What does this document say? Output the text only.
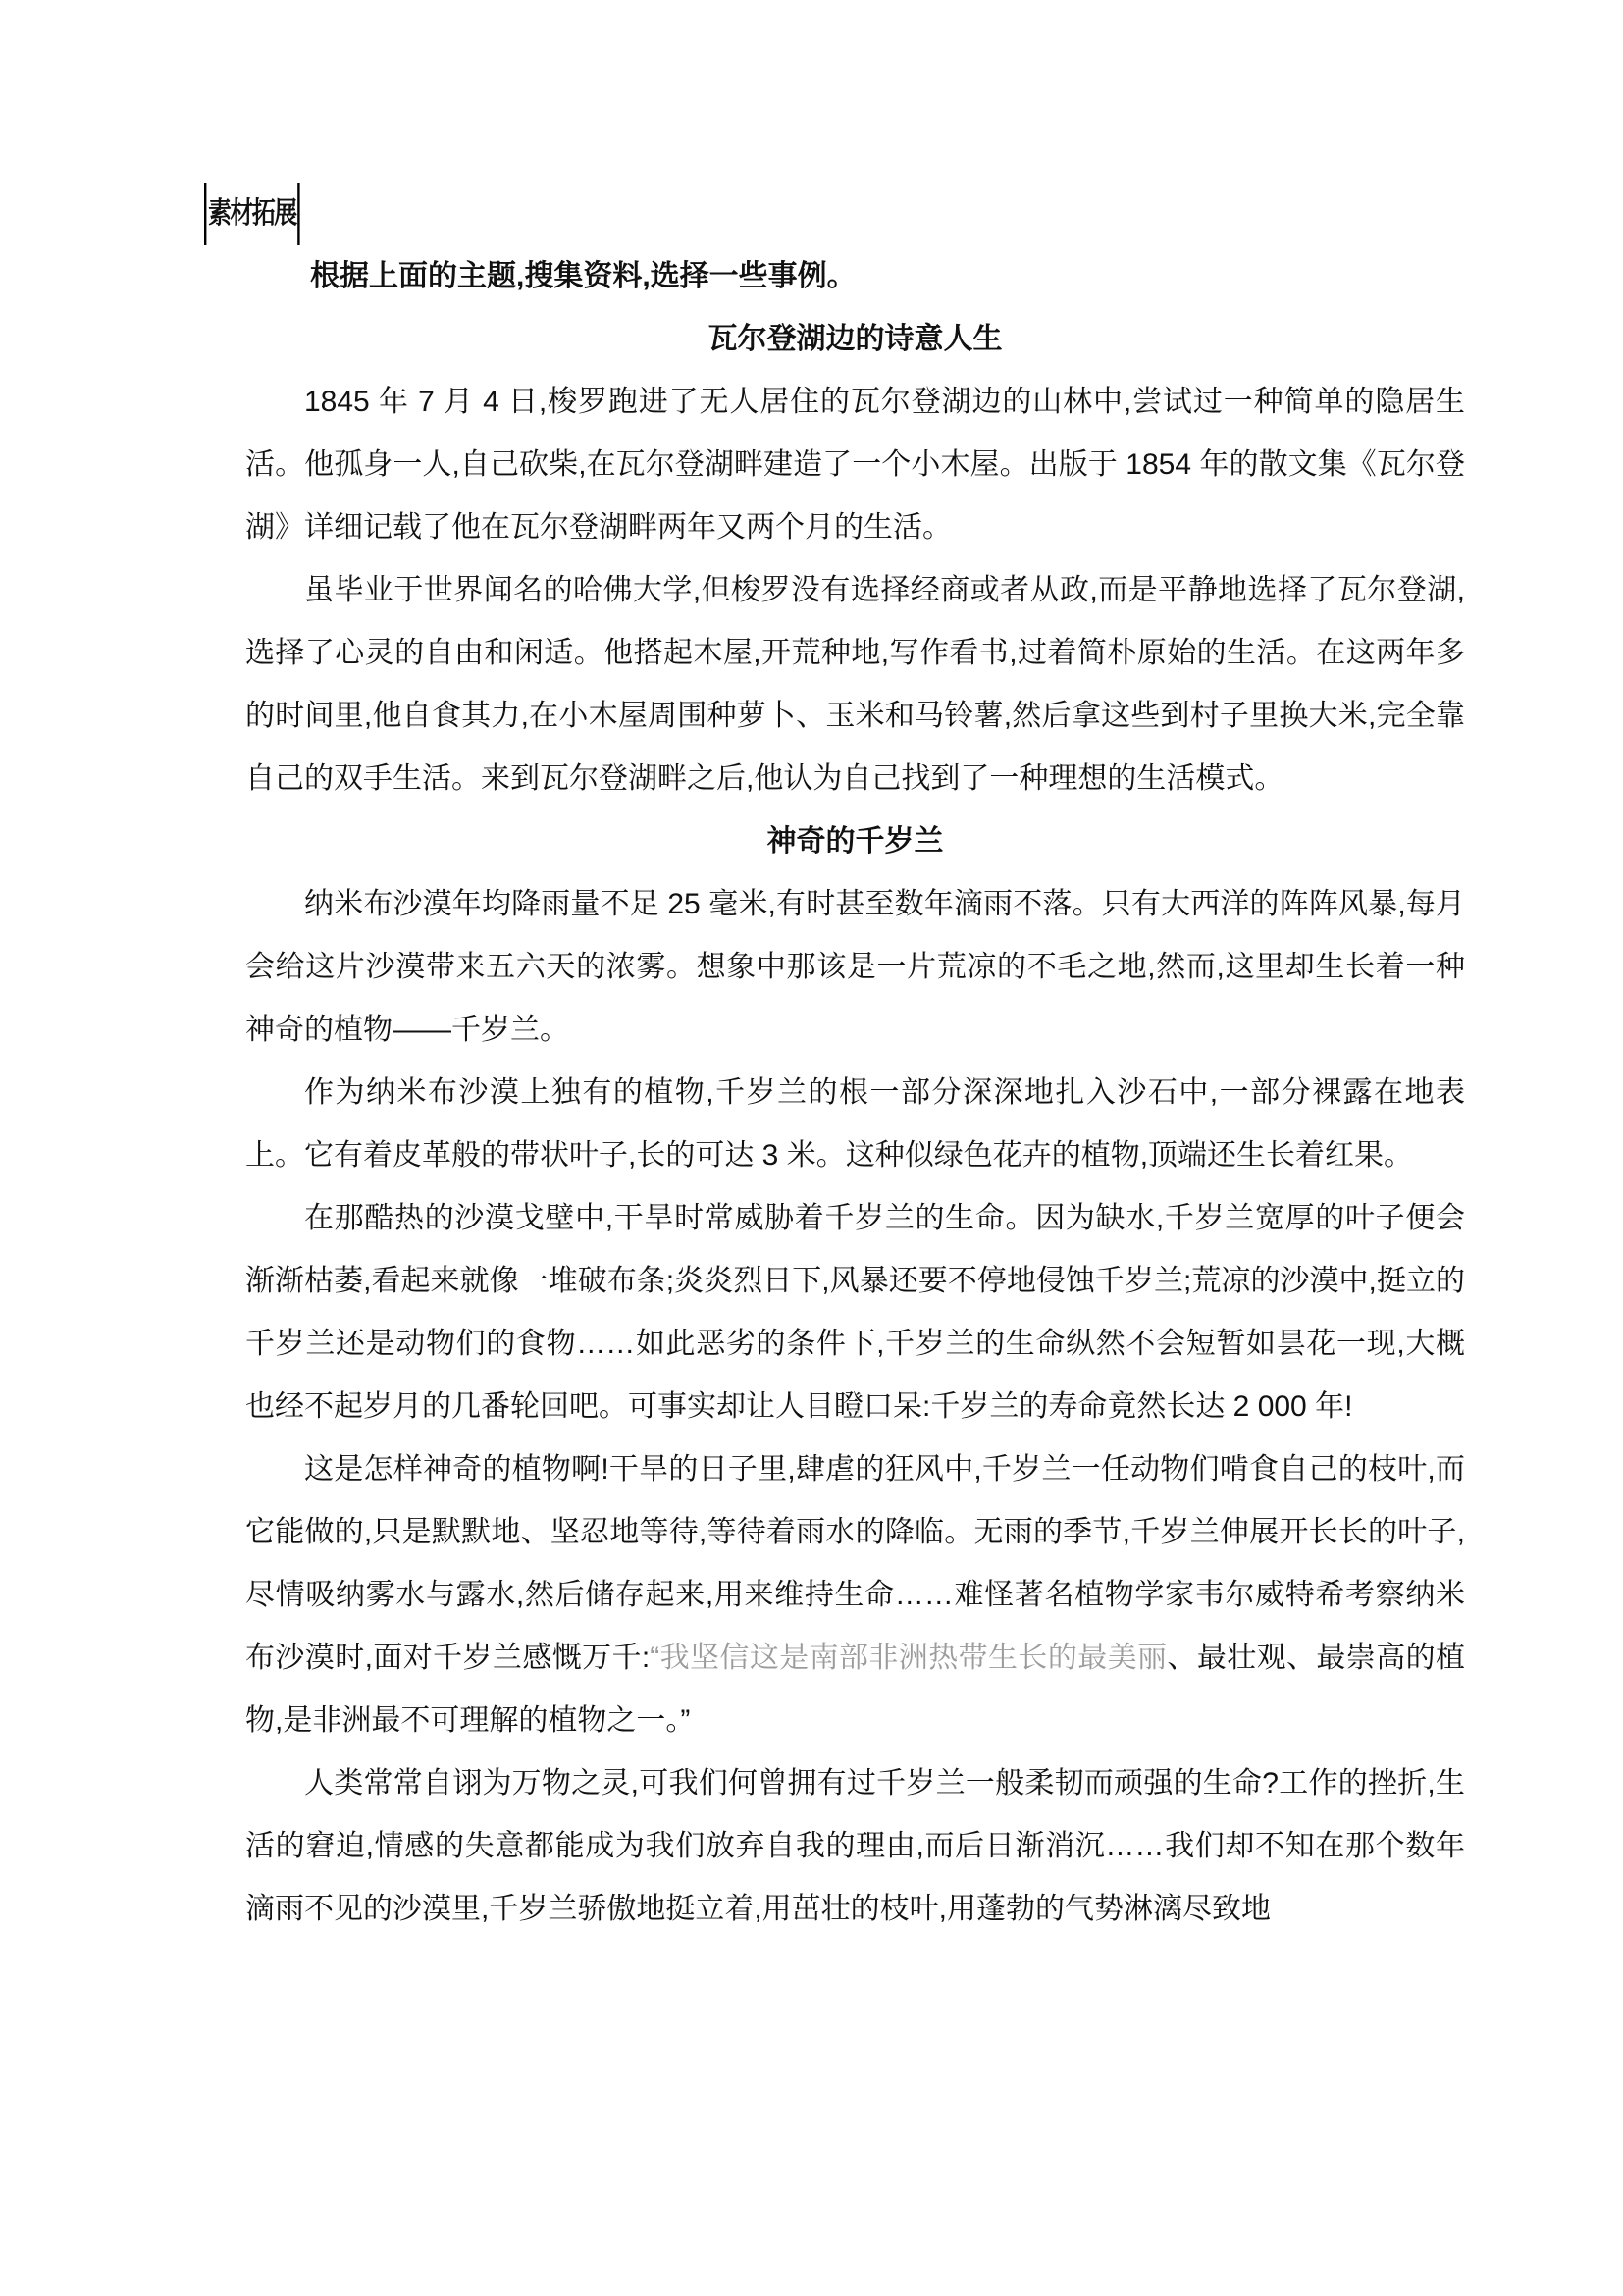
素材拓展

根据上面的主题,搜集资料,选择一些事例。

瓦尔登湖边的诗意人生

1845 年 7 月 4 日,梭罗跑进了无人居住的瓦尔登湖边的山林中,尝试过一种简单的隐居生活。他孤身一人,自己砍柴,在瓦尔登湖畔建造了一个小木屋。出版于 1854 年的散文集《瓦尔登湖》详细记载了他在瓦尔登湖畔两年又两个月的生活。

虽毕业于世界闻名的哈佛大学,但梭罗没有选择经商或者从政,而是平静地选择了瓦尔登湖,选择了心灵的自由和闲适。他搭起木屋,开荒种地,写作看书,过着简朴原始的生活。在这两年多的时间里,他自食其力,在小木屋周围种萝卜、玉米和马铃薯,然后拿这些到村子里换大米,完全靠自己的双手生活。来到瓦尔登湖畔之后,他认为自己找到了一种理想的生活模式。

神奇的千岁兰

纳米布沙漠年均降雨量不足 25 毫米,有时甚至数年滴雨不落。只有大西洋的阵阵风暴,每月会给这片沙漠带来五六天的浓雾。想象中那该是一片荒凉的不毛之地,然而,这里却生长着一种神奇的植物——千岁兰。

作为纳米布沙漠上独有的植物,千岁兰的根一部分深深地扎入沙石中,一部分裸露在地表上。它有着皮革般的带状叶子,长的可达 3 米。这种似绿色花卉的植物,顶端还生长着红果。

在那酷热的沙漠戈壁中,干旱时常威胁着千岁兰的生命。因为缺水,千岁兰宽厚的叶子便会渐渐枯萎,看起来就像一堆破布条;炎炎烈日下,风暴还要不停地侵蚀千岁兰;荒凉的沙漠中,挺立的千岁兰还是动物们的食物……如此恶劣的条件下,千岁兰的生命纵然不会短暂如昙花一现,大概也经不起岁月的几番轮回吧。可事实却让人目瞪口呆:千岁兰的寿命竟然长达 2 000 年!

这是怎样神奇的植物啊!干旱的日子里,肆虐的狂风中,千岁兰一任动物们啃食自己的枝叶,而它能做的,只是默默地、坚忍地等待,等待着雨水的降临。无雨的季节,千岁兰伸展开长长的叶子,尽情吸纳雾水与露水,然后储存起来,用来维持生命……难怪著名植物学家韦尔威特希考察纳米布沙漠时,面对千岁兰感慨万千:“我坚信这是南部非洲热带生长的最美丽、最壮观、最崇高的植物,是非洲最不可理解的植物之一。”

人类常常自诩为万物之灵,可我们何曾拥有过千岁兰一般柔韧而顽强的生命?工作的挫折,生活的窘迫,情感的失意都能成为我们放弃自我的理由,而后日渐消沉……我们却不知在那个数年滴雨不见的沙漠里,千岁兰骄傲地挺立着,用茁壮的枝叶,用蓬勃的气势淋漓尽致地
